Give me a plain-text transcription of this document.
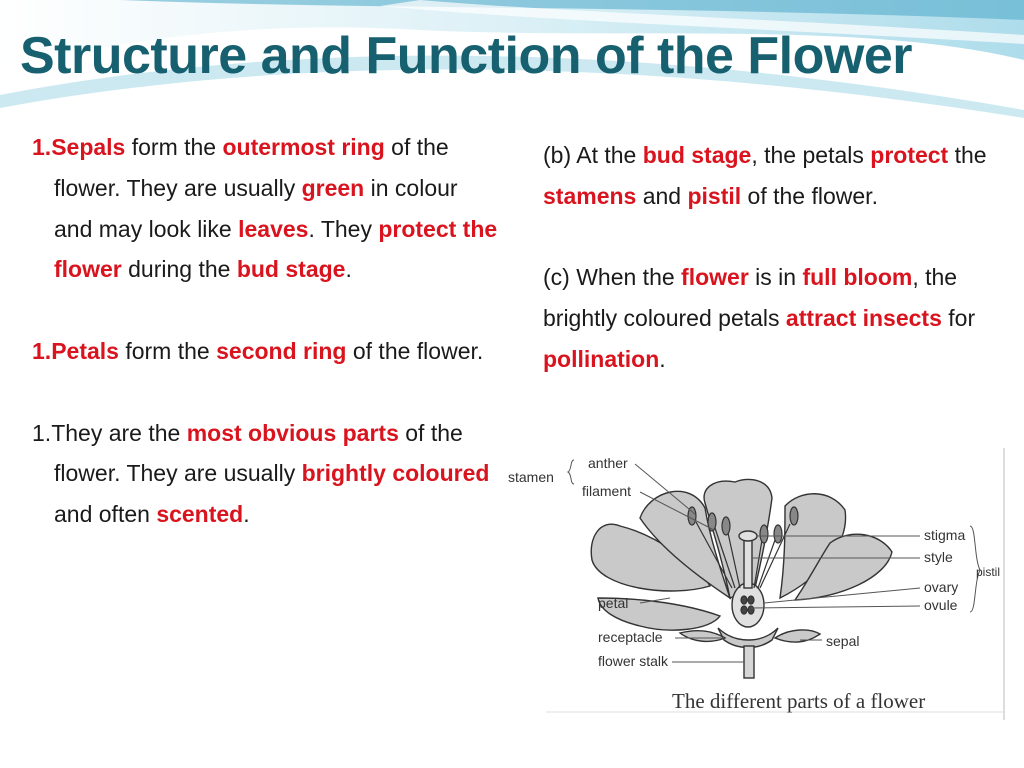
Structure and Function of the Flower

1.Sepals form the outermost ring of the flower. They are usually green in colour and may look like leaves. They protect the flower during the bud stage.

1.Petals form the second ring of the flower.

1.They are the most obvious parts of the flower. They are usually brightly coloured and often scented.

(b) At the bud stage, the petals protect the stamens and pistil of the flower.

(c) When the flower is in full bloom, the brightly coloured petals attract insects for pollination.

stamen
anther
filament
stigma
style
ovary
ovule
pistil
petal
receptacle
flower stalk
sepal
The different parts of a flower
